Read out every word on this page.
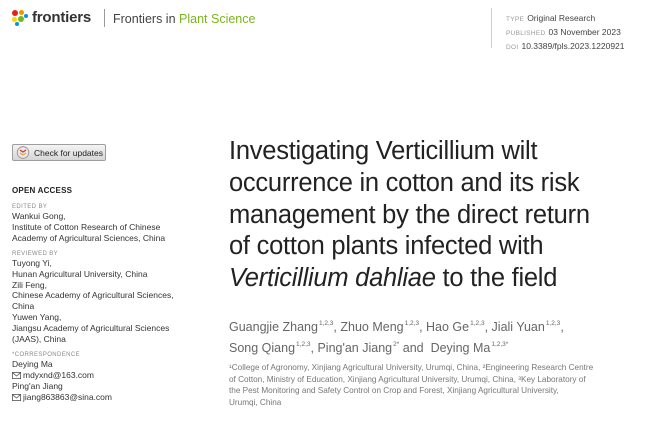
frontiers Frontiers in Plant Science	TYPE Original Research
PUBLISHED 03 November 2023
DOI 10.3389/fpls.2023.1220921
Check for updates
OPEN ACCESS
EDITED BY
Wankui Gong,
Institute of Cotton Research of Chinese
Academy of Agricultural Sciences, China
REVIEWED BY
Tuyong Yi,
Hunan Agricultural University, China
Zili Feng,
Chinese Academy of Agricultural Sciences,
China
Yuwen Yang,
Jiangsu Academy of Agricultural Sciences
(JAAS), China
*CORRESPONDENCE
Deying Ma
mdyxnd@163.com
Ping'an Jiang
jiang863863@sina.com
Investigating Verticillium wilt
occurrence in cotton and its risk
management by the direct return
of cotton plants infected with
Verticillium dahliae to the field
Guangjie Zhang$^{1,2,3}$, Zhuo Meng$^{1,2,3}$, Hao Ge$^{1,2,3}$, Jiali Yuan$^{1,2,3}$,
Song Qiang$^{1,2,3}$, Ping'an Jiang$^{2*}$ and  Deying $Ma^{1,2,3*}$
¹College of Agronomy, Xinjiang Agricultural University, Urumqi, China, ²Engineering Research Centre
of Cotton, Ministry of Education, Xinjiang Agricultural University, Urumqi, China, ³Key Laboratory of
the Pest Monitoring and Safety Control on Crop and Forest, Xinjiang Agricultural University,
Urumqi, China
